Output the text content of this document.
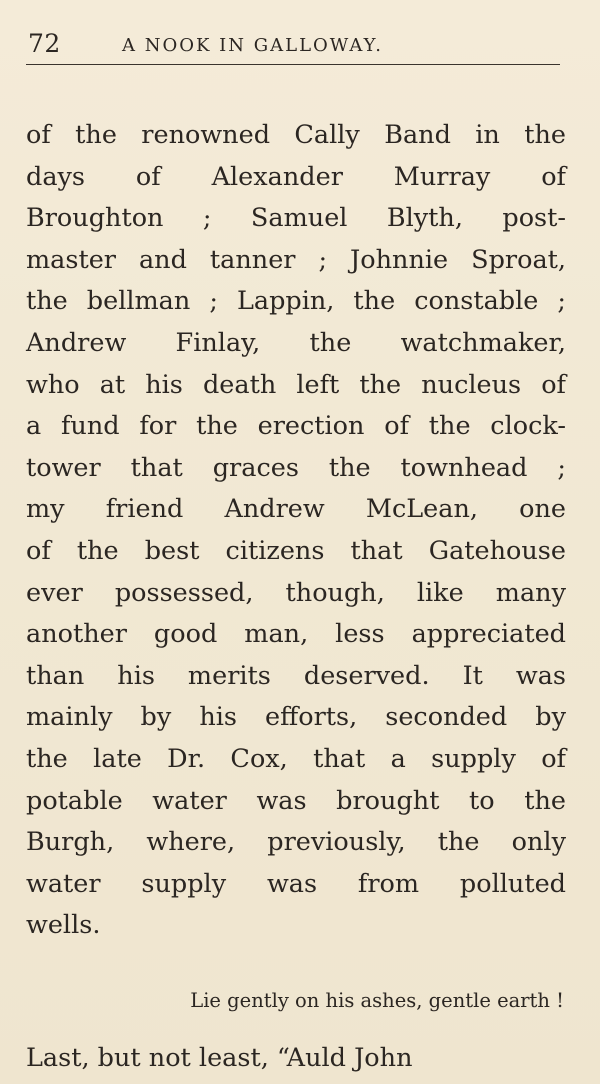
72	A NOOK IN GALLOWAY.
of the renowned Cally Band in the
days of Alexander Murray of
Broughton ; Samuel Blyth, post-
master and tanner ; Johnnie Sproat,
the bellman ; Lappin, the constable ;
Andrew Finlay, the watchmaker,
who at his death left the nucleus of
a fund for the erection of the clock-
tower that graces the townhead ;
my friend Andrew McLean, one
of the best citizens that Gatehouse
ever possessed, though, like many
another good man, less appreciated
than his merits deserved. It was
mainly by his efforts, seconded by
the late Dr. Cox, that a supply of
potable water was brought to the
Burgh, where, previously, the only
water supply was from polluted
wells.
Lie gently on his ashes, gentle earth !
Last, but not least, “Auld John
